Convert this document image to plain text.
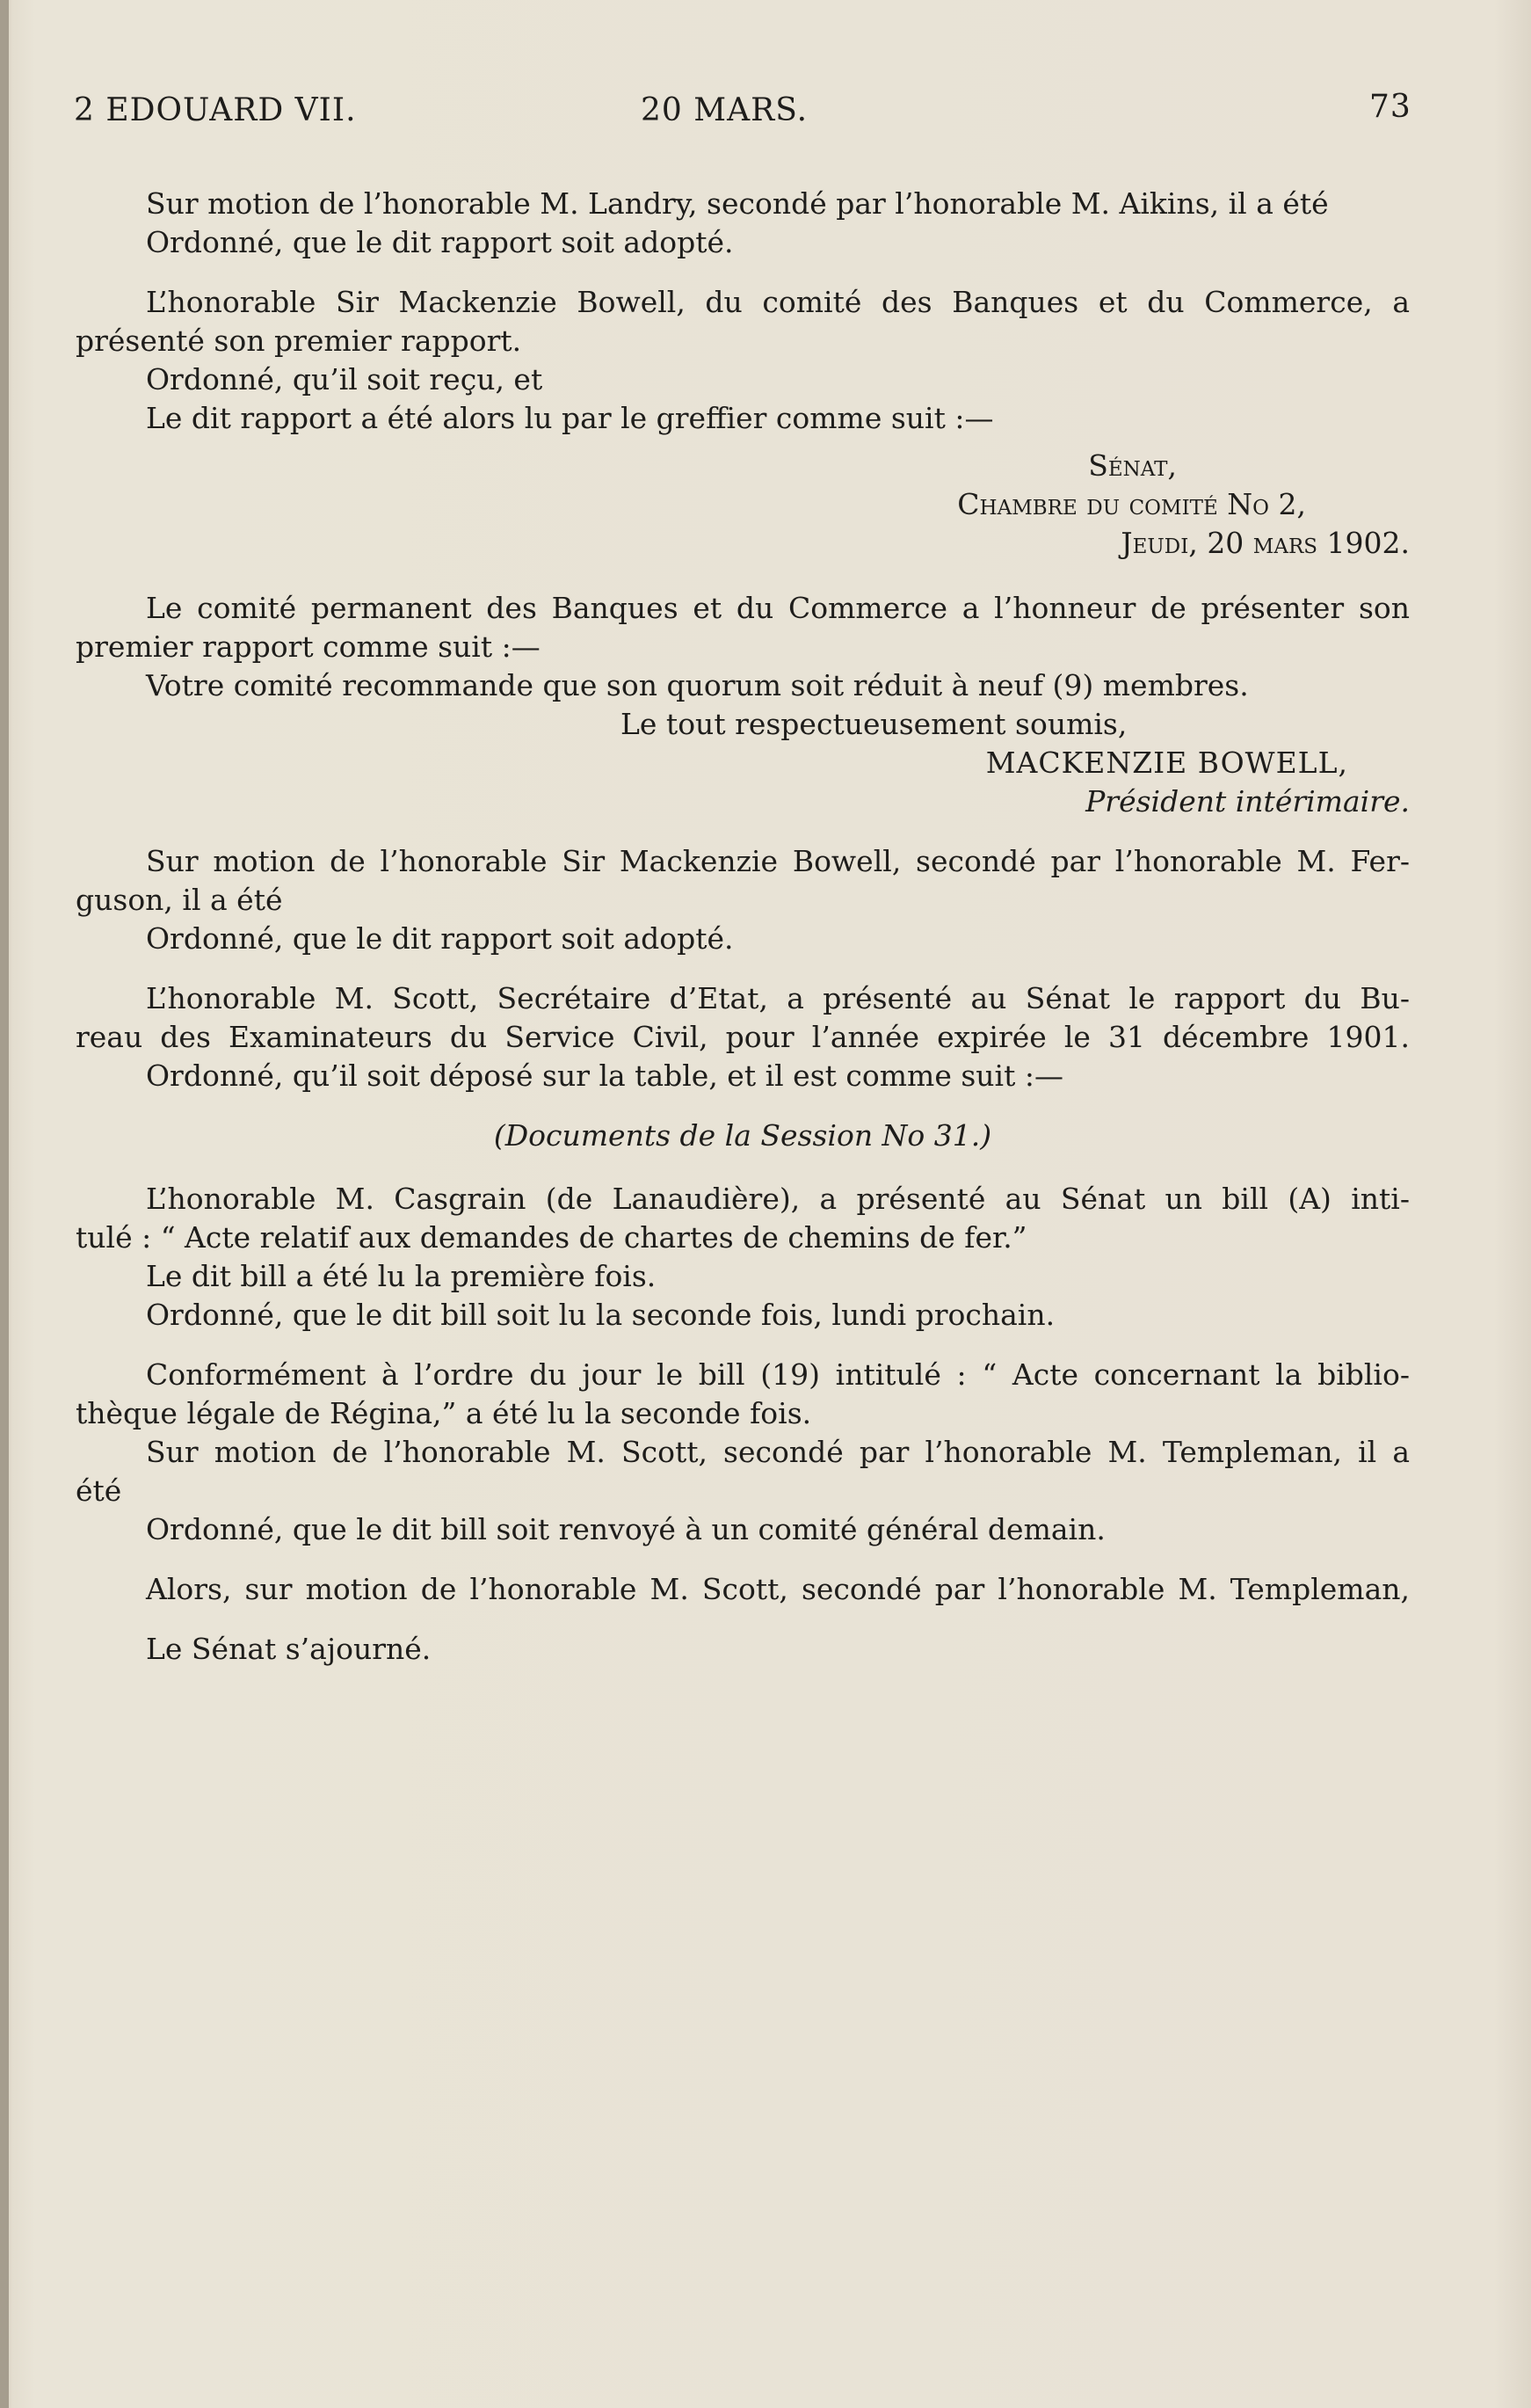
2 EDOUARD VII.	20 MARS.	73
Sur motion de l’honorable M. Landry, secondé par l’honorable M. Aikins, il a été
Ordonné, que le dit rapport soit adopté.
L’honorable Sir Mackenzie Bowell, du comité des Banques et du Commerce, a
présenté son premier rapport.
Ordonné, qu’il soit reçu, et
Le dit rapport a été alors lu par le greffier comme suit :—
Sénat,
Chambre du comité No 2,
Jeudi, 20 mars 1902.
Le comité permanent des Banques et du Commerce a l’honneur de présenter son
premier rapport comme suit :—
Votre comité recommande que son quorum soit réduit à neuf (9) membres.
Le tout respectueusement soumis,
MACKENZIE BOWELL,
Président intérimaire.
Sur motion de l’honorable Sir Mackenzie Bowell, secondé par l’honorable M. Fer-
guson, il a été
Ordonné, que le dit rapport soit adopté.
L’honorable M. Scott, Secrétaire d’Etat, a présenté au Sénat le rapport du Bu-
reau des Examinateurs du Service Civil, pour l’année expirée le 31 décembre 1901.
Ordonné, qu’il soit déposé sur la table, et il est comme suit :—
(Documents de la Session No 31.)
L’honorable M. Casgrain (de Lanaudière), a présenté au Sénat un bill (A) inti-
tulé : “ Acte relatif aux demandes de chartes de chemins de fer.”
Le dit bill a été lu la première fois.
Ordonné, que le dit bill soit lu la seconde fois, lundi prochain.
Conformément à l’ordre du jour le bill (19) intitulé : “ Acte concernant la biblio-
thèque légale de Régina,” a été lu la seconde fois.
Sur motion de l’honorable M. Scott, secondé par l’honorable M. Templeman, il a
été
Ordonné, que le dit bill soit renvoyé à un comité général demain.
Alors, sur motion de l’honorable M. Scott, secondé par l’honorable M. Templeman,
Le Sénat s’ajourné.
